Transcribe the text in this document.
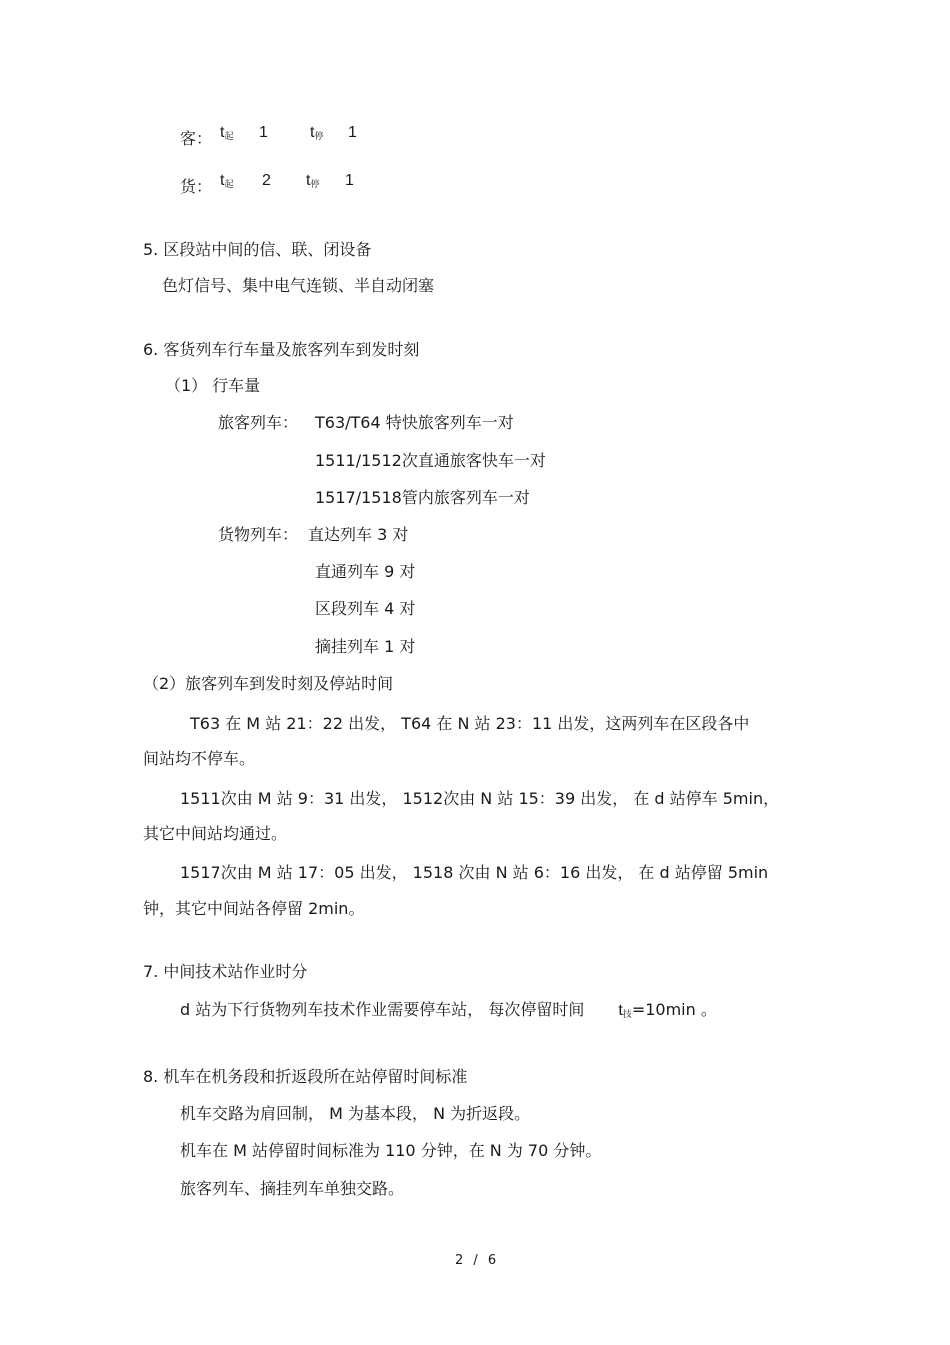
客： $t_起$ 1	$t_停$ 1
货： $t_起$ 2 $t_停$ 1
5. 区段站中间的信、联、闭设备
色灯信号、集中电气连锁、半自动闭塞
6. 客货列车行车量及旅客列车到发时刻
（1） 行车量
旅客列车： T63/T64 特快旅客列车一对
1511/1512次直通旅客快车一对
1517/1518管内旅客列车一对
货物列车： 直达列车 3 对
直通列车 9 对
区段列车 4 对
摘挂列车 1 对
（2）旅客列车到发时刻及停站时间
T63 在 M 站 21：22 出发， T64 在 N 站 23：11 出发，这两列车在区段各中
间站均不停车。
1511次由 M 站 9：31 出发， 1512次由 N 站 15：39 出发， 在 d 站停车 5min，
其它中间站均通过。
1517次由 M 站 17：05 出发， 1518 次由 N 站 6：16 出发， 在 d 站停留 5min
钟，其它中间站各停留 2min。
7. 中间技术站作业时分
d 站为下行货物列车技术作业需要停车站， 每次停留时间 $t_技=10\min$ 。
8. 机车在机务段和折返段所在站停留时间标准
机车交路为肩回制， M 为基本段， N 为折返段。
机车在 M 站停留时间标准为 110 分钟，在 N 为 70 分钟。
旅客列车、摘挂列车单独交路。
2 / 6
